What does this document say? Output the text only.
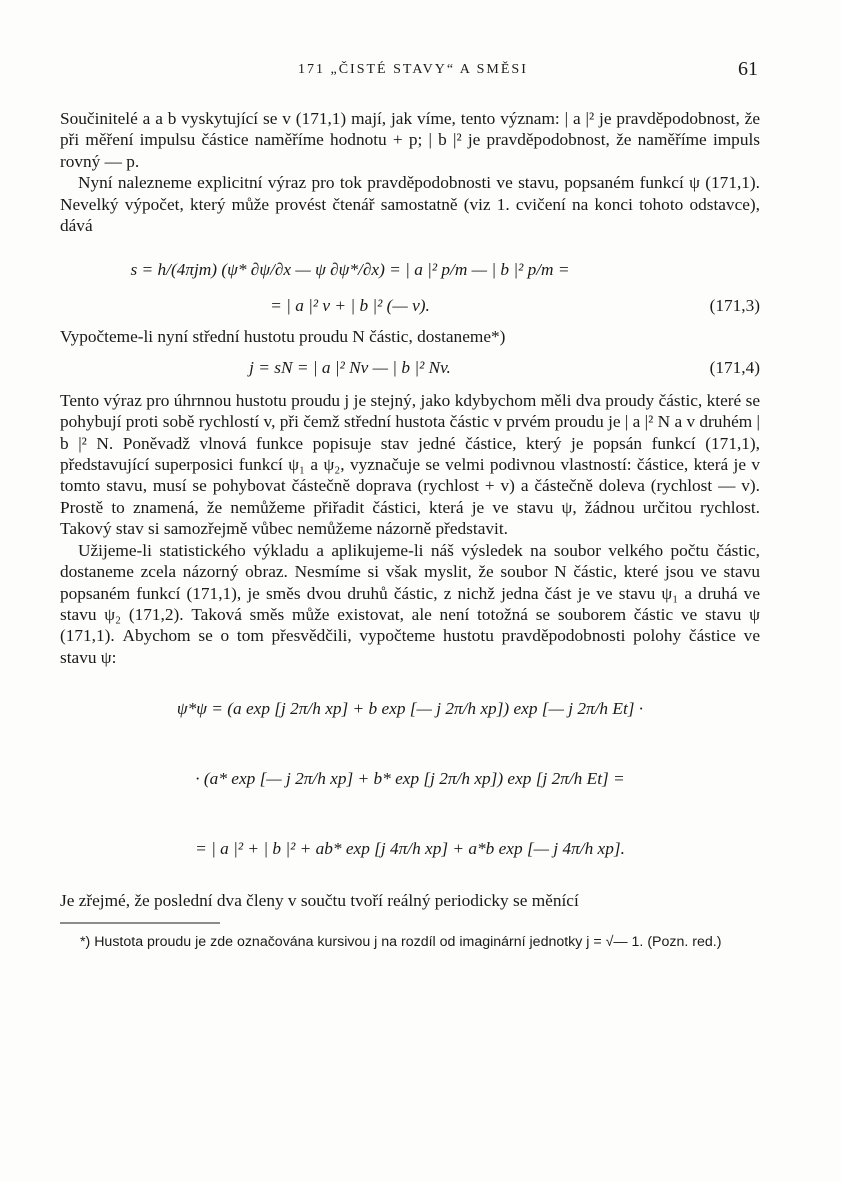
171 „ČISTÉ STAVY“ A SMĚSI	61

Součinitelé a a b vyskytující se v (171,1) mají, jak víme, tento význam: | a |² je pravděpodobnost, že při měření impulsu částice naměříme hodnotu + p; | b |² je pravděpodobnost, že naměříme impuls rovný — p.

Nyní nalezneme explicitní výraz pro tok pravděpodobnosti ve stavu, popsaném funkcí ψ (171,1). Nevelký výpočet, který může provést čtenář samostatně (viz 1. cvičení na konci tohoto odstavce), dává

s = h/(4πjm) (ψ* ∂ψ/∂x — ψ ∂ψ*/∂x) = | a |² p/m — | b |² p/m =
= | a |² v + | b |² (— v).	(171,3)

Vypočteme-li nyní střední hustotu proudu N částic, dostaneme*)

j = sN = | a |² Nv — | b |² Nv.	(171,4)

Tento výraz pro úhrnnou hustotu proudu j je stejný, jako kdybychom měli dva proudy částic, které se pohybují proti sobě rychlostí v, při čemž střední hustota částic v prvém proudu je | a |² N a v druhém | b |² N. Poněvadž vlnová funkce popisuje stav jedné částice, který je popsán funkcí (171,1), představující superposici funkcí ψ₁ a ψ₂, vyznačuje se velmi podivnou vlastností: částice, která je v tomto stavu, musí se pohybovat částečně doprava (rychlost + v) a částečně doleva (rychlost — v). Prostě to znamená, že nemůžeme přiřadit částici, která je ve stavu ψ, žádnou určitou rychlost. Takový stav si samozřejmě vůbec nemůžeme názorně představit.

Užijeme-li statistického výkladu a aplikujeme-li náš výsledek na soubor velkého počtu částic, dostaneme zcela názorný obraz. Nesmíme si však myslit, že soubor N částic, které jsou ve stavu popsaném funkcí (171,1), je směs dvou druhů částic, z nichž jedna část je ve stavu ψ₁ a druhá ve stavu ψ₂ (171,2). Taková směs může existovat, ale není totožná se souborem částic ve stavu ψ (171,1). Abychom se o tom přesvědčili, vypočteme hustotu pravděpodobnosti polohy částice ve stavu ψ:

ψ*ψ = (a exp [j 2π/h xp] + b exp [— j 2π/h xp]) exp [— j 2π/h Et] ·
· (a* exp [— j 2π/h xp] + b* exp [j 2π/h xp]) exp [j 2π/h Et] =
= | a |² + | b |² + ab* exp [j 4π/h xp] + a*b exp [— j 4π/h xp].

Je zřejmé, že poslední dva členy v součtu tvoří reálný periodicky se měnící

*) Hustota proudu je zde označována kursivou j na rozdíl od imaginární jednotky j = √— 1. (Pozn. red.)
